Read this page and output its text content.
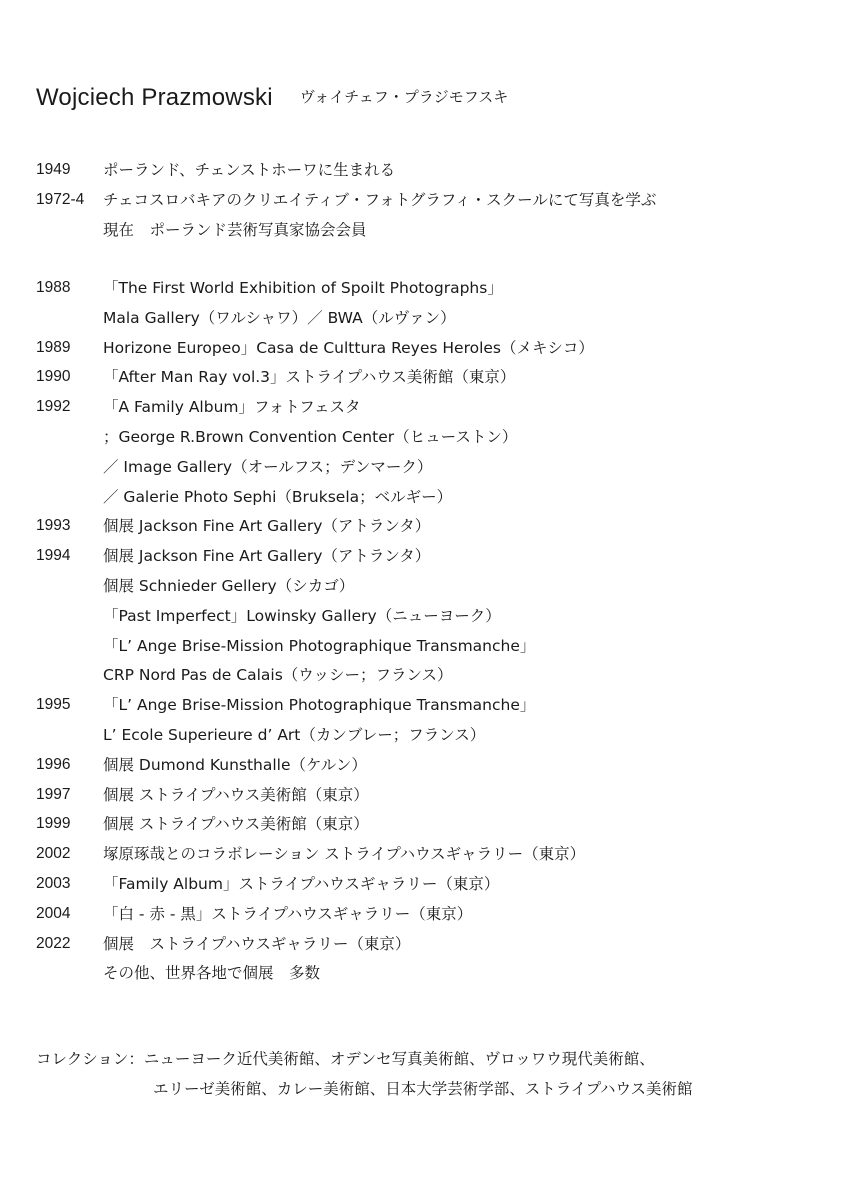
Wojciech Prazmowski ヴォイチェフ・プラジモフスキ
1949	ポーランド、チェンストホーワに生まれる
1972-4	チェコスロバキアのクリエイティブ・フォトグラフィ・スクールにて写真を学ぶ
現在　ポーランド芸術写真家協会会員
1988	「The First World Exhibition of Spoilt Photographs」
Mala Gallery（ワルシャワ）／ BWA（ルヴァン）
1989	Horizone Europeo」Casa de Culttura Reyes Heroles（メキシコ）
1990	「After Man Ray vol.3」ストライプハウス美術館（東京）
1992	「A Family Album」フォトフェスタ
；George R.Brown Convention Center（ヒューストン）
／ Image Gallery（オールフス；デンマーク）
／ Galerie Photo Sephi（Bruksela；ベルギー）
1993	個展 Jackson Fine Art Gallery（アトランタ）
1994	個展 Jackson Fine Art Gallery（アトランタ）
個展 Schnieder Gellery（シカゴ）
「Past Imperfect」Lowinsky Gallery（ニューヨーク）
「L’ Ange Brise-Mission Photographique Transmanche」
CRP Nord Pas de Calais（ウッシー；フランス）
1995	「L’ Ange Brise-Mission Photographique Transmanche」
L’ Ecole Superieure d’ Art（カンブレー；フランス）
1996	個展 Dumond Kunsthalle（ケルン）
1997	個展 ストライプハウス美術館（東京）
1999	個展 ストライプハウス美術館（東京）
2002	塚原琢哉とのコラボレーション ストライプハウスギャラリー（東京）
2003	「Family Album」ストライプハウスギャラリー（東京）
2004	「白 - 赤 - 黒」ストライプハウスギャラリー（東京）
2022	個展　ストライプハウスギャラリー（東京）
その他、世界各地で個展　多数
コレクション：ニューヨーク近代美術館、オデンセ写真美術館、ヴロッワウ現代美術館、
エリーゼ美術館、カレー美術館、日本大学芸術学部、ストライプハウス美術館
